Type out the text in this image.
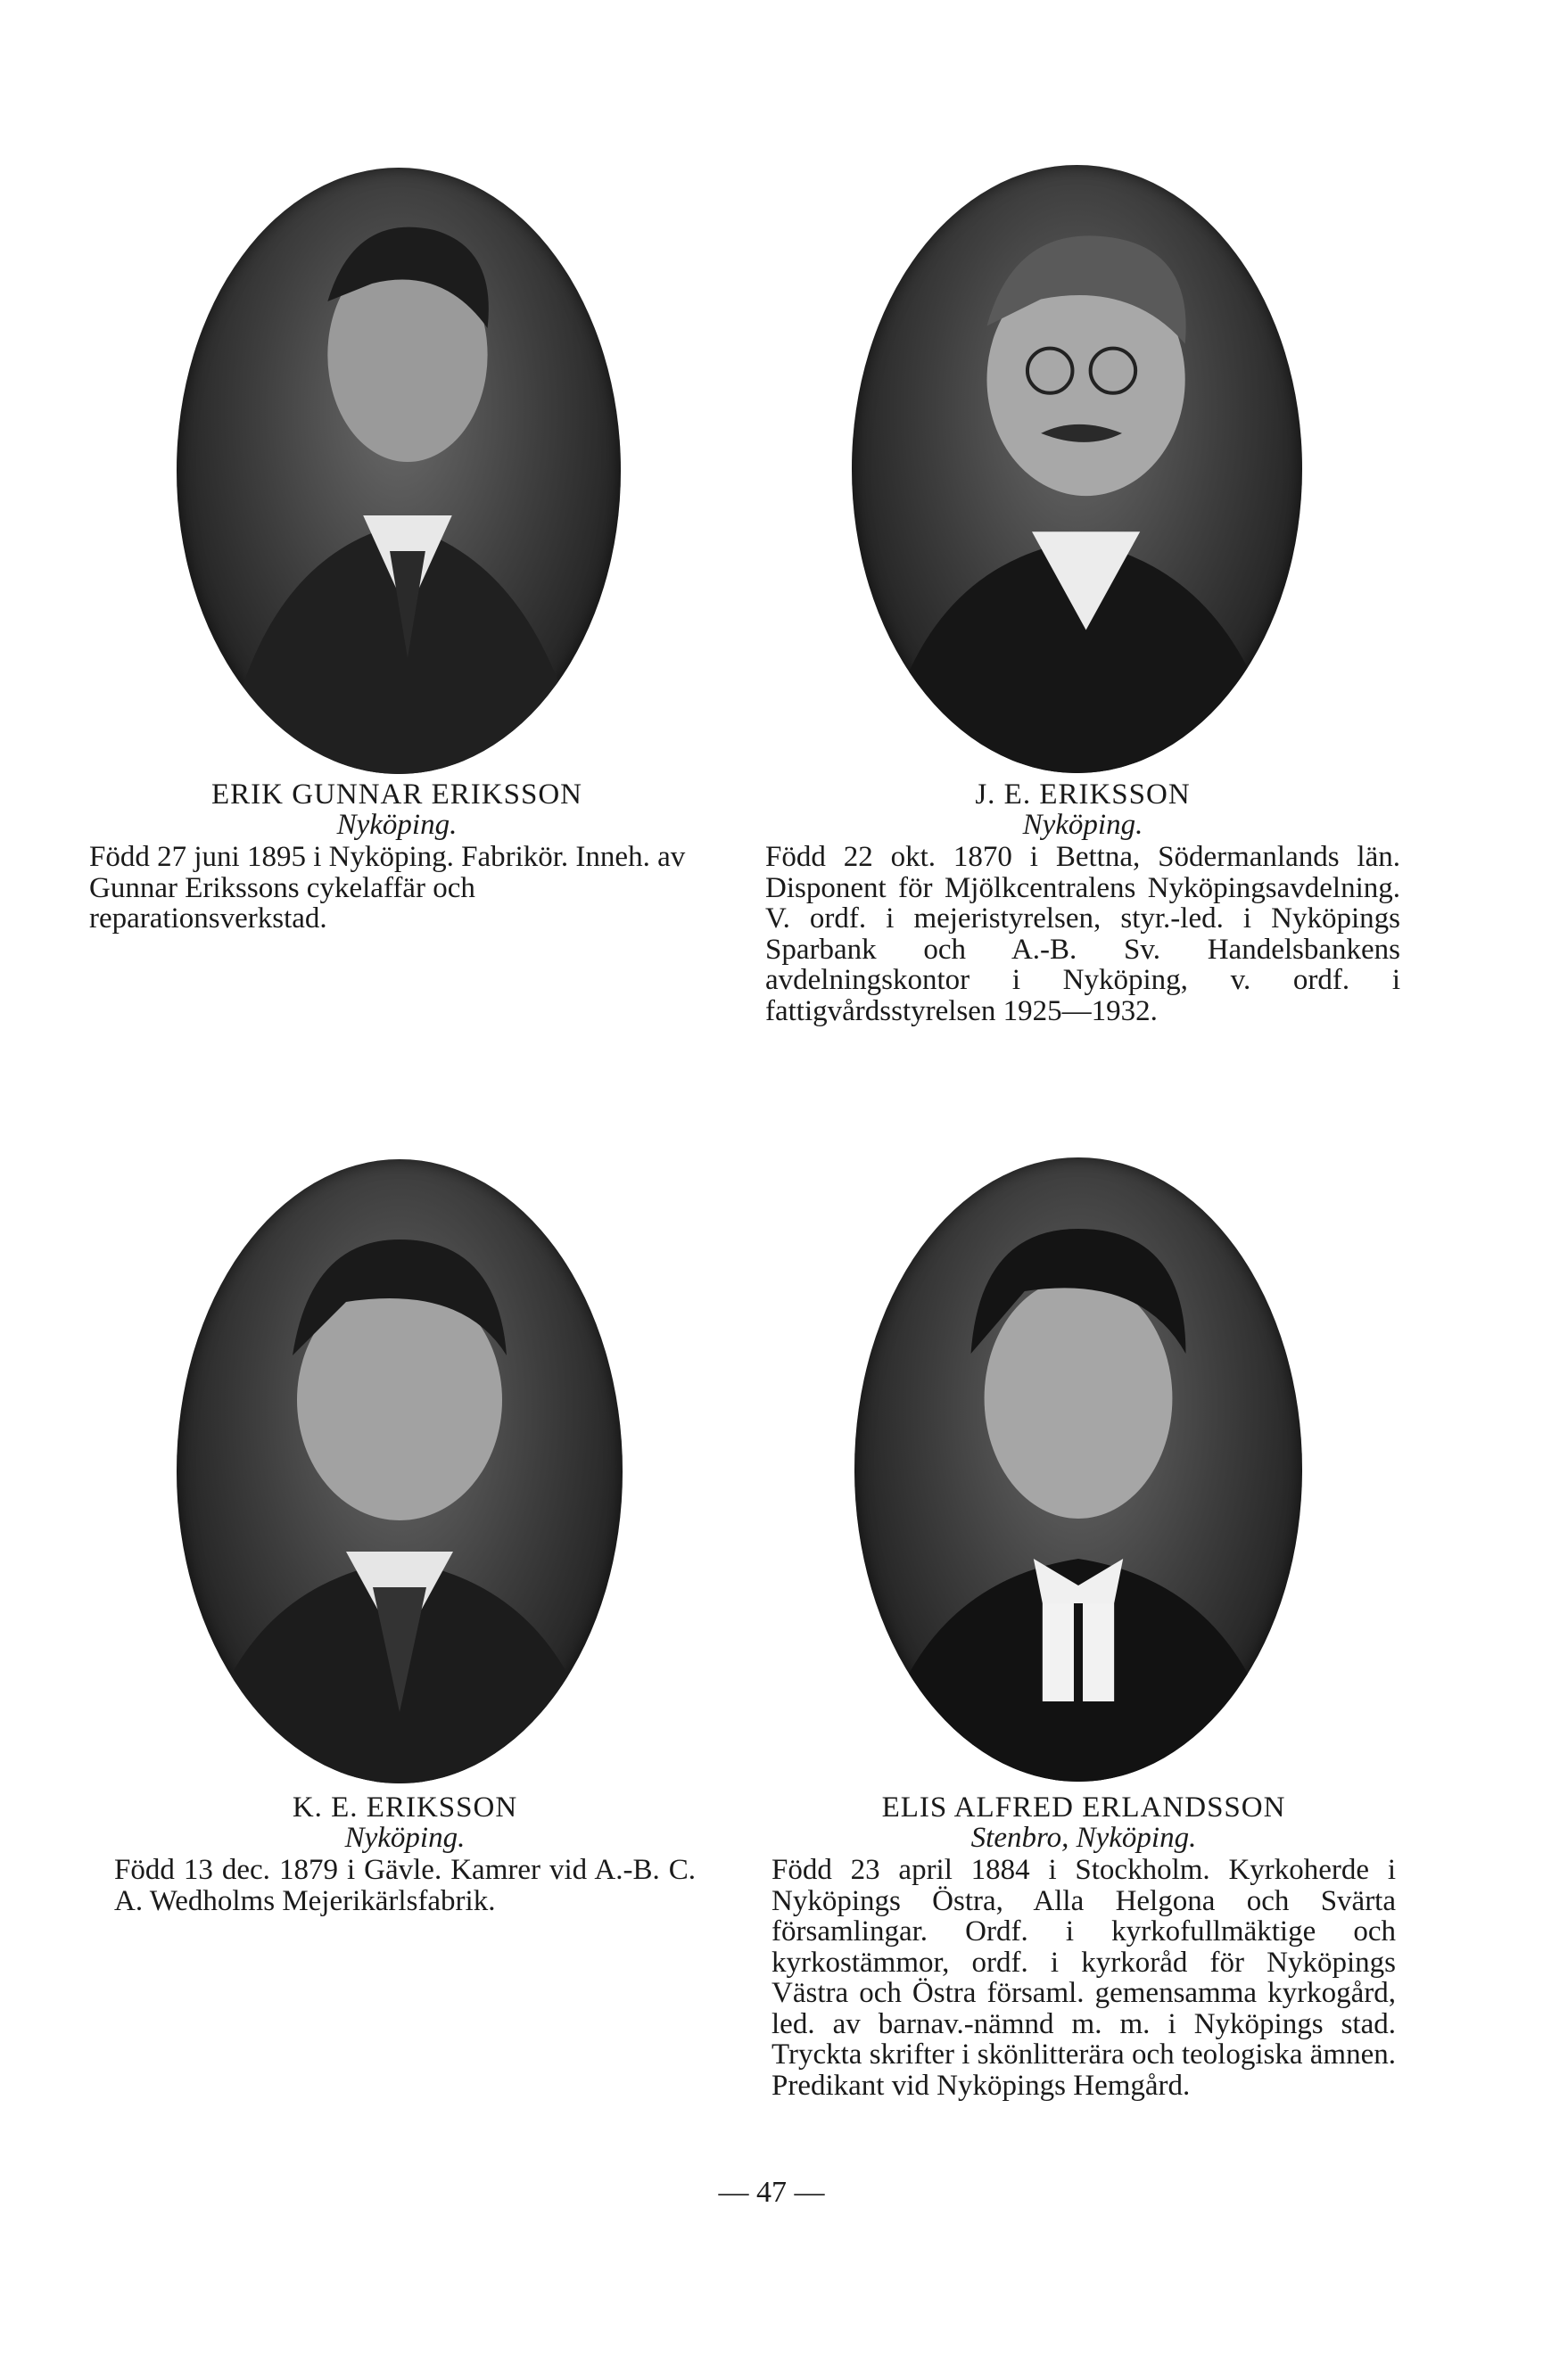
ERIK GUNNAR ERIKSSON
Nyköping.
Född 27 juni 1895 i Nyköping. Fabrikör. Inneh. av Gunnar Erikssons cykelaffär och reparationsverkstad.
J. E. ERIKSSON
Nyköping.
Född 22 okt. 1870 i Bettna, Södermanlands län. Disponent för Mjölkcentralens Nyköpingsavdelning. V. ordf. i mejeristyrelsen, styr.-led. i Nyköpings Sparbank och A.-B. Sv. Handelsbankens avdelningskontor i Nyköping, v. ordf. i fattigvårdsstyrelsen 1925—1932.
K. E. ERIKSSON
Nyköping.
Född 13 dec. 1879 i Gävle. Kamrer vid A.-B. C. A. Wedholms Mejerikärlsfabrik.
ELIS ALFRED ERLANDSSON
Stenbro, Nyköping.
Född 23 april 1884 i Stockholm. Kyrkoherde i Nyköpings Östra, Alla Helgona och Svärta församlingar. Ordf. i kyrkofullmäktige och kyrkostämmor, ordf. i kyrkoråd för Nyköpings Västra och Östra församl. gemensamma kyrkogård, led. av barnav.-nämnd m. m. i Nyköpings stad. Tryckta skrifter i skönlitterära och teologiska ämnen. Predikant vid Nyköpings Hemgård.
— 47 —
